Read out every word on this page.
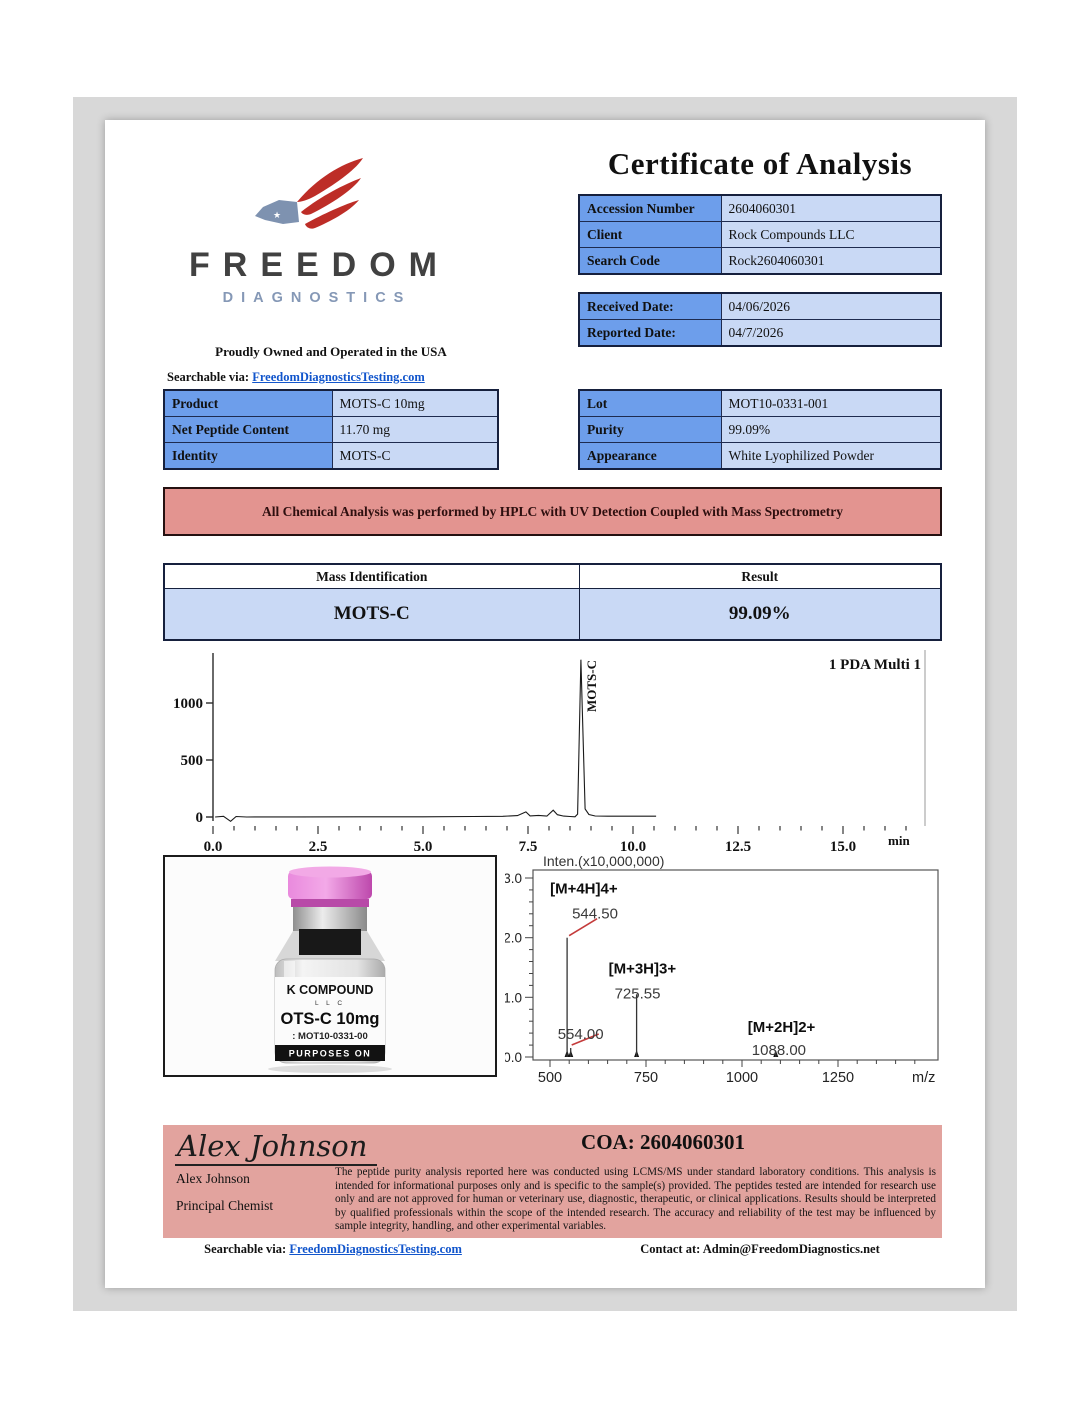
★
FREEDOM
DIAGNOSTICS
Proudly Owned and Operated in the USA
Searchable via: FreedomDiagnosticsTesting.com
Certificate of Analysis
Accession Number	2604060301
Client	Rock Compounds LLC
Search Code	Rock2604060301
Received Date:	04/06/2026
Reported Date:	04/7/2026
Product	MOTS-C 10mg
Net Peptide Content	11.70 mg
Identity	MOTS-C
Lot	MOT10-0331-001
Purity	99.09%
Appearance	White Lyophilized Powder
All Chemical Analysis was performed by HPLC with UV Detection Coupled with Mass Spectrometry
Mass Identification	Result
MOTS-C	99.09%
0
500
1000
0.0	2.5	5.0	7.5	10.0	12.5	15.0 min
1 PDA Multi 1
MOTS-C
K COMPOUND
L L C
OTS-C 10mg
: MOT10-0331-00
PURPOSES ON
Inten.(x10,000,000)
0.0
1.0
2.0
3.0
500	750	1000	1250	m/z
[M+4H]4+
544.50
554.00
[M+3H]3+
725.55
[M+2H]2+
1088.00
Alex Johnson
Alex Johnson
Principal Chemist
COA: 2604060301
The peptide purity analysis reported here was conducted using LCMS/MS under standard laboratory conditions. This analysis is intended for informational purposes only and is specific to the sample(s) provided. The peptides tested are intended for research use only and are not approved for human or veterinary use, diagnostic, therapeutic, or clinical applications. Results should be interpreted by qualified professionals within the scope of the intended research. The accuracy and reliability of the test may be influenced by sample integrity, handling, and other experimental variables.
Searchable via: FreedomDiagnosticsTesting.com	Contact at: Admin@FreedomDiagnostics.net
